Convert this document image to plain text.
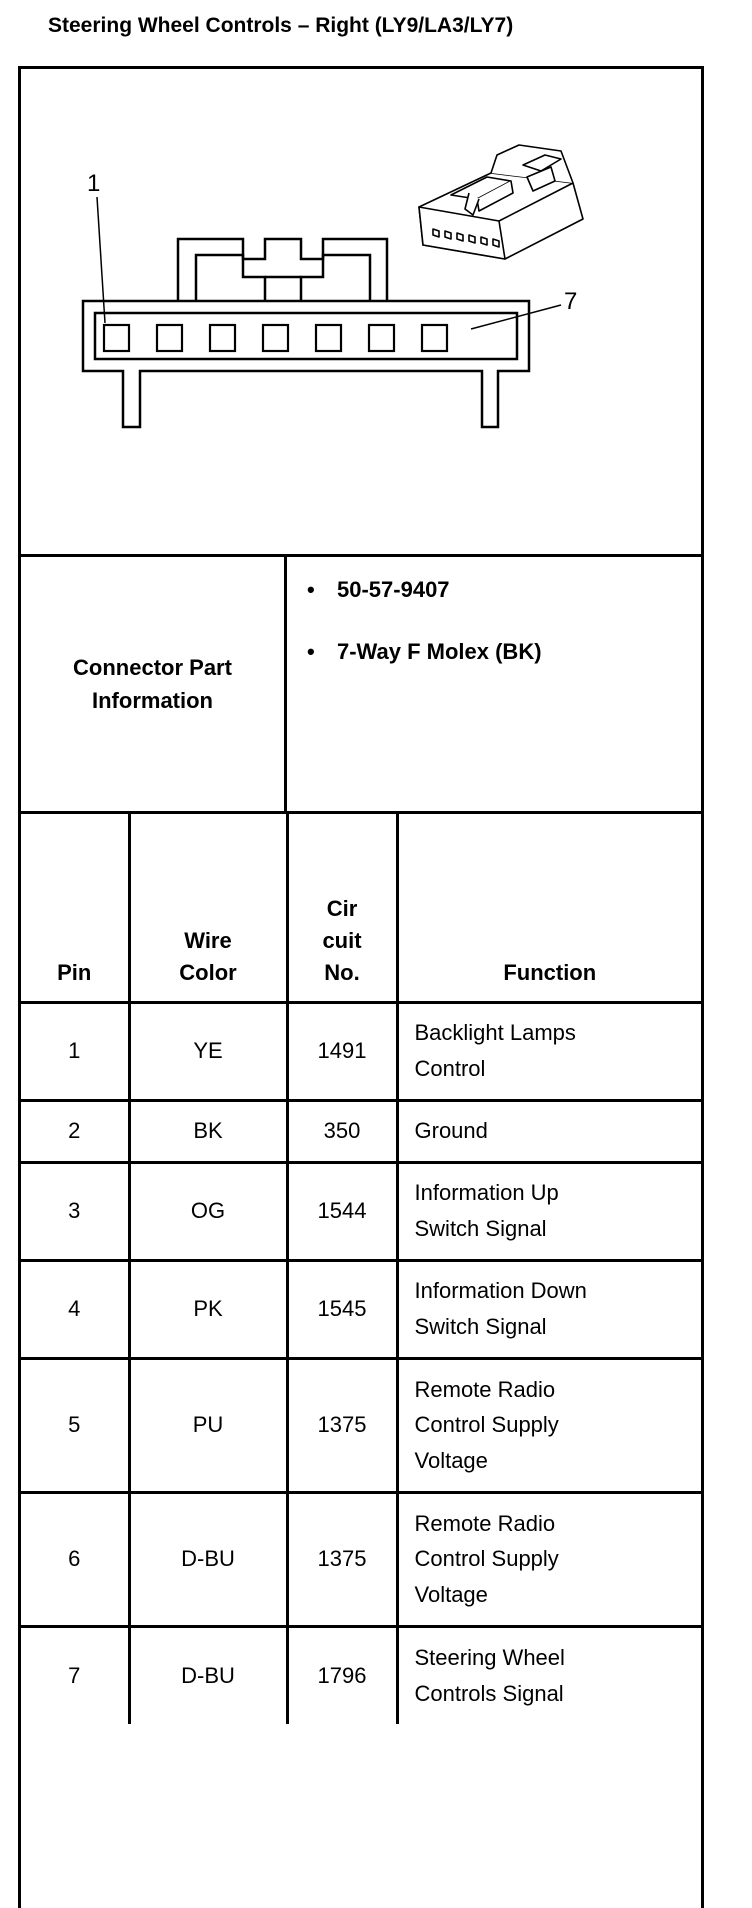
Steering Wheel Controls – Right (LY9/LA3/LY7)
1
7
Connector Part Information
• 50-57-9407
• 7-Way F Molex (BK)
Pin	Wire Color	Cir cuit No.	Function
1	YE	1491	Backlight Lamps Control
2	BK	350	Ground
3	OG	1544	Information Up Switch Signal
4	PK	1545	Information Down Switch Signal
5	PU	1375	Remote Radio Control Supply Voltage
6	D-BU	1375	Remote Radio Control Supply Voltage
7	D-BU	1796	Steering Wheel Controls Signal
